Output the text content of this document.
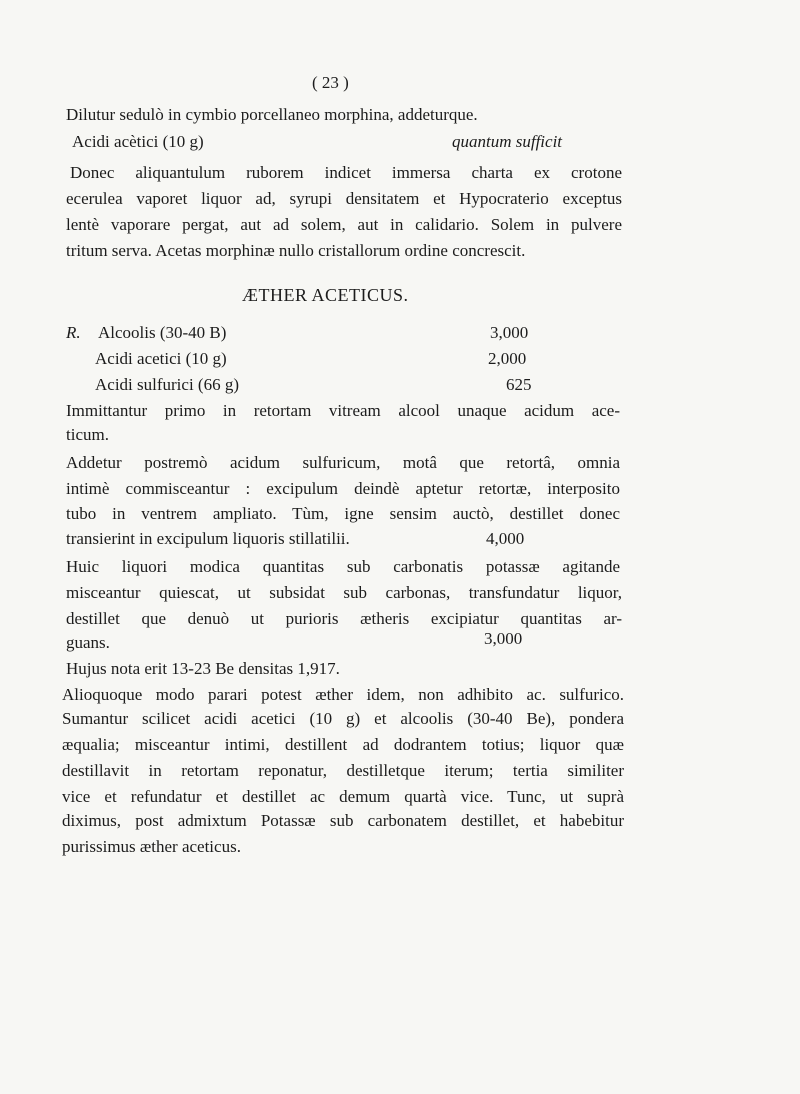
( 23 )
Dilutur sedulò in cymbio porcellaneo morphina, addeturque.
Acidi acètici (10 g)	quantum sufficit
Donec aliquantulum ruborem indicet immersa charta ex crotone
ecerulea vaporet liquor ad, syrupi densitatem et Hypocraterio exceptus
lentè vaporare pergat, aut ad solem, aut in calidario. Solem in pulvere
tritum serva. Acetas morphinæ nullo cristallorum ordine concrescit.
ÆTHER ACETICUS.
R. Alcoolis (30-40 B)	3,000
Acidi acetici (10 g)	2,000
Acidi sulfurici (66 g)	625
Immittantur primo in retortam vitream alcool unaque acidum ace-
ticum.
Addetur postremò acidum sulfuricum, motâ que retortâ, omnia
intimè commisceantur : excipulum deindè aptetur retortæ, interposito
tubo in ventrem ampliato. Tùm, igne sensim auctò, destillet donec
transierint in excipulum liquoris stillatilii.	4,000
Huic liquori modica quantitas sub carbonatis potassæ agitande
misceantur quiescat, ut subsidat sub carbonas, transfundatur liquor,
destillet que denuò ut purioris ætheris excipiatur quantitas ar-
guans.	3,000
Hujus nota erit 13-23 Be densitas 1,917.
Alioquoque modo parari potest æther idem, non adhibito ac. sulfurico.
Sumantur scilicet acidi acetici (10 g) et alcoolis (30-40 Be), pondera
æqualia; misceantur intimi, destillent ad dodrantem totius; liquor quæ
destillavit in retortam reponatur, destilletque iterum; tertia similiter
vice et refundatur et destillet ac demum quartà vice. Tunc, ut suprà
diximus, post admixtum Potassæ sub carbonatem destillet, et habebitur
purissimus æther aceticus.
